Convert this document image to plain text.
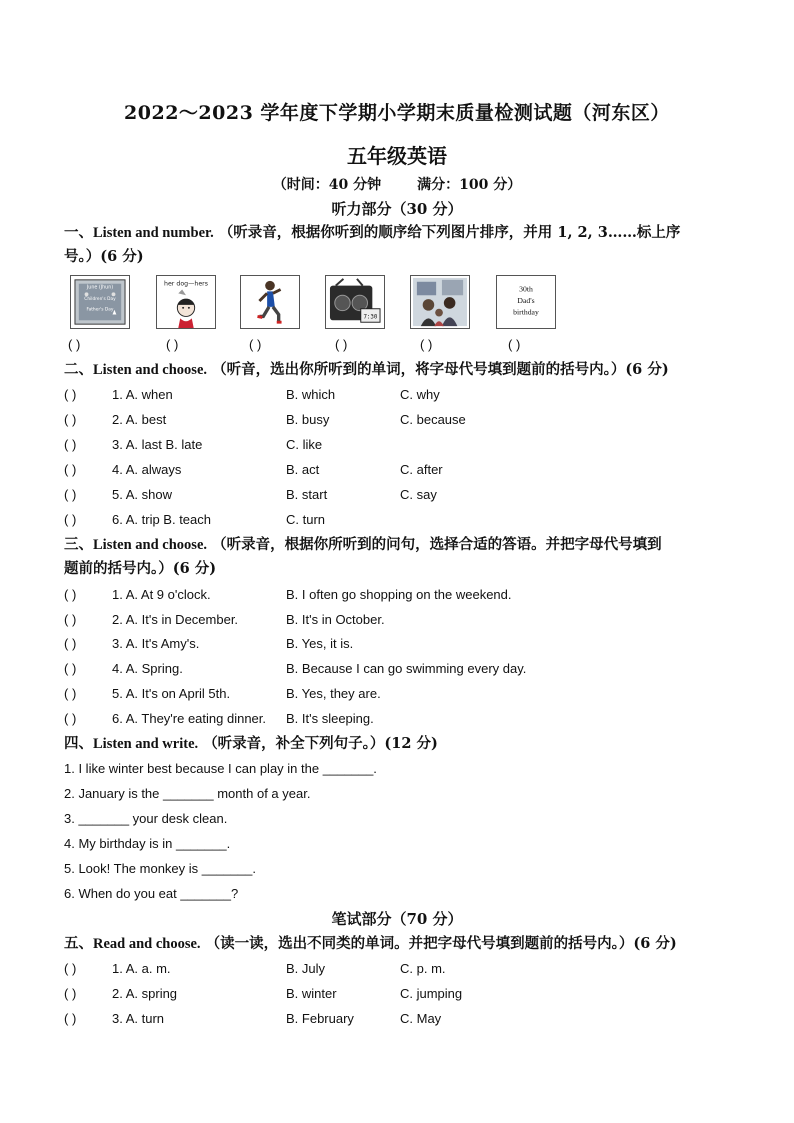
2022～2023 学年度下学期小学期末质量检测试题（河东区）
五年级英语
（时间：40 分钟	满分：100 分）
听力部分（30 分）
一、Listen and number. （听录音，根据你听到的顺序给下列图片排序，并用 1, 2, 3……标上序
号。）(6 分)
June (Jhun)
Children's Day
Father's Day
her dog—hers
7:30
30th
Dad's
birthday
( )	( )	( )	( )	( )	( )
二、Listen and choose. （听音，选出你所听到的单词，将字母代号填到题前的括号内。）(6 分)
( )	1. A. when	B. which	C. why
( )	2. A. best	B. busy	C. because
( )	3. A. last B. late	C. like
( )	4. A. always	B. act	C. after
( )	5. A. show	B. start	C. say
( )	6. A. trip B. teach	C. turn
三、Listen and choose. （听录音，根据你所听到的问句，选择合适的答语。并把字母代号填到
题前的括号内。）(6 分)
( )	1. A. At 9 o'clock.	B. I often go shopping on the weekend.
( )	2. A. It's in December.	B. It's in October.
( )	3. A. It's Amy's.	B. Yes, it is.
( )	4. A. Spring.	B. Because I can go swimming every day.
( )	5. A. It's on April 5th.	B. Yes, they are.
( )	6. A. They're eating dinner. B. It's sleeping.
四、Listen and write. （听录音，补全下列句子。）(12 分)
1. I like winter best because I can play in the _______.
2. January is the _______ month of a year.
3. _______ your desk clean.
4. My birthday is in _______.
5. Look! The monkey is _______.
6. When do you eat _______?
笔试部分（70 分）
五、Read and choose. （读一读，选出不同类的单词。并把字母代号填到题前的括号内。）(6 分)
( )	1. A. a. m.	B. July	C. p. m.
( )	2. A. spring	B. winter	C. jumping
( )	3. A. turn	B. February	C. May
